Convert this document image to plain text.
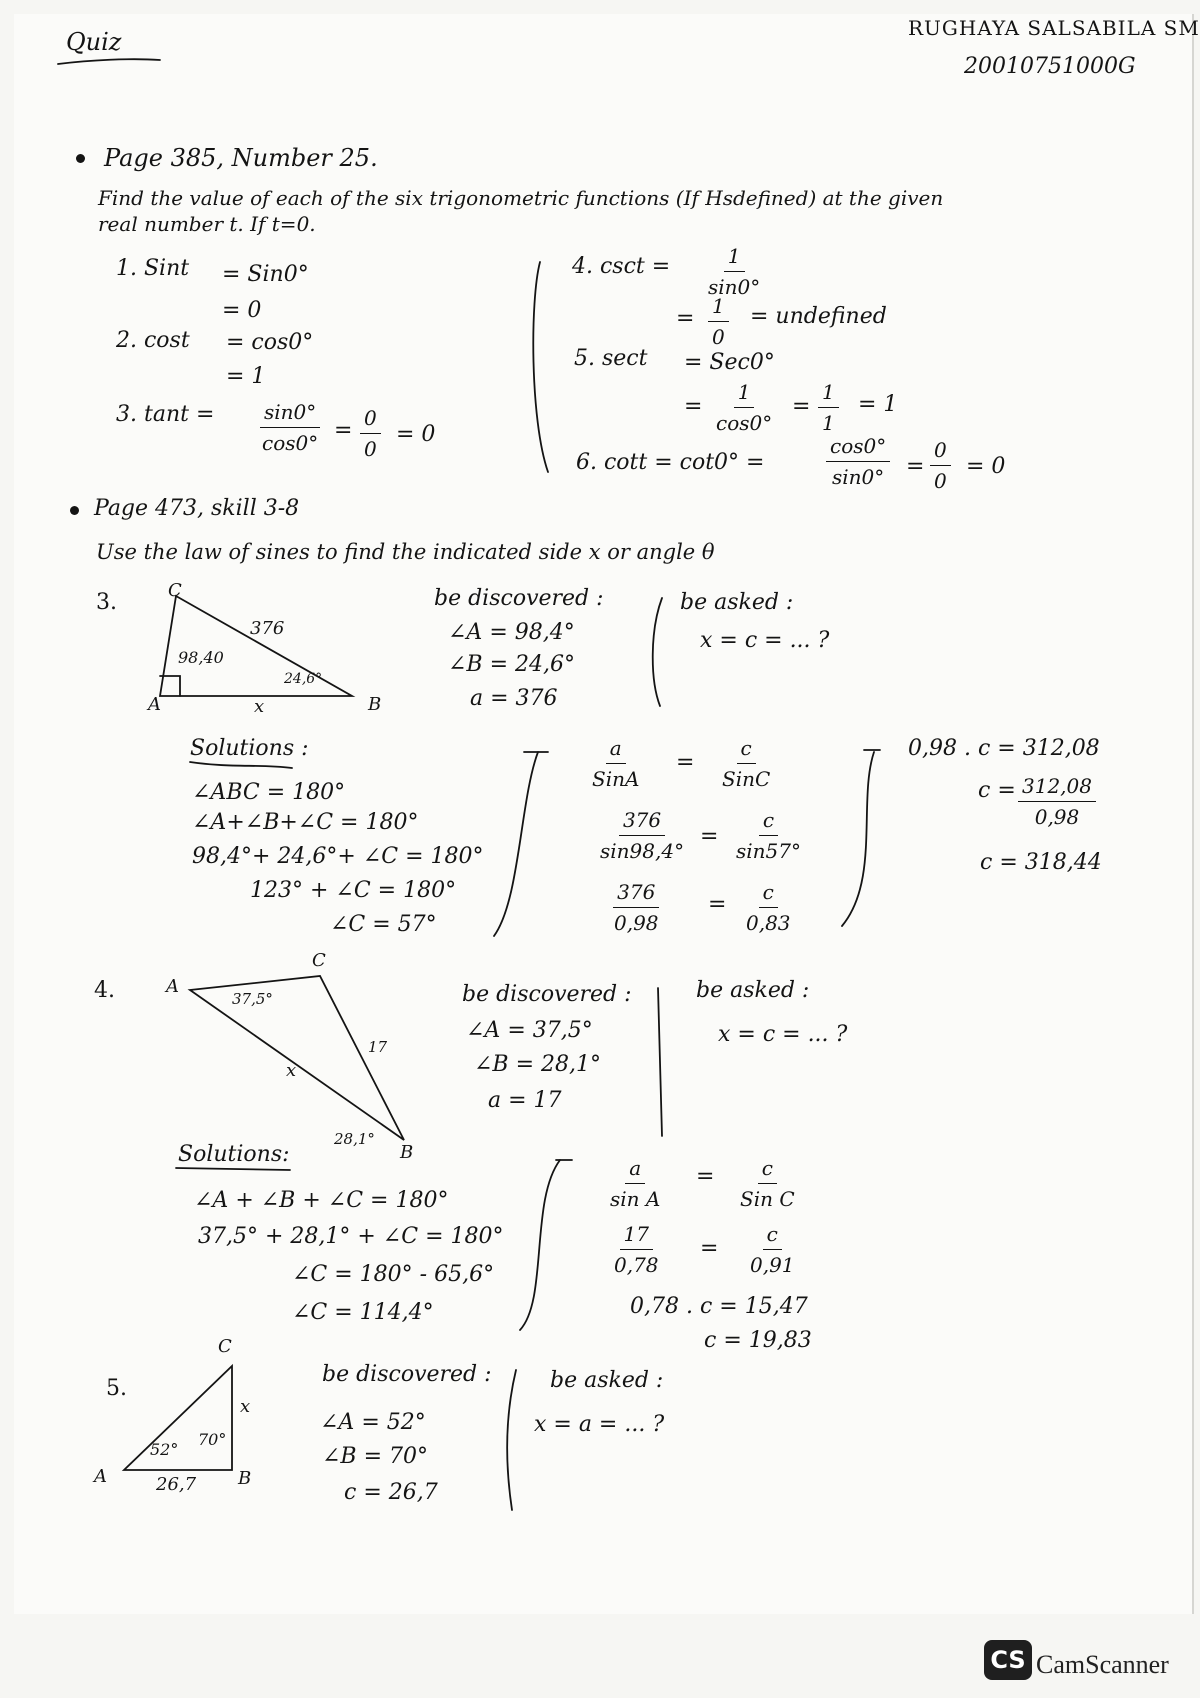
Quiz	RUGHAYA SALSABILA SM
20010751000G
Page 385, Number 25.
Find the value of each of the six trigonometric functions (If Hsdefined) at the given
real number t. If t=0.
1. Sint = Sin0°
= 0
2. cost = cos0°
= 1
3. $\tan t = \frac{\sin 0^\circ}{\cos 0^\circ} = \frac{0}{0} = 0$
4. $\csc t = \frac{1}{\sin 0^\circ}$
= $\frac{1}{0}$ = undefined
5. sect = Sec0°
= $\frac{1}{\cos 0^\circ} = \frac{1}{1} = 1$
6. cott = cot0° =	$\frac{\cos 0^\circ}{\sin 0^\circ} = \frac{0}{0} = 0$
Page 473, skill 3-8
Use the law of sines to find the indicated side x or angle θ
3.	C
A	B
376
98,40
24,6°
x
be discovered :
∠A = 98,4°
∠B = 24,6°
a = 376
be asked :
x = c = ... ?
Solutions :
∠ABC = 180°
∠A+∠B+∠C = 180°
98,4°+ 24,6°+ ∠C = 180°
123° + ∠C = 180°
∠C = 57°
a
SinA
=
c
SinC
$\frac{376}{\sin 98,4^\circ} = \frac{c}{\sin 57^\circ}$
$\frac{376}{0,98} = \frac{c}{0,83}$
0,98 . c = 312,08
$c = \frac{312,08}{0,98}$
c = 318,44
4.	A
C
B
37,5°
17
x
28,1°
be discovered :
∠A = 37,5°
∠B = 28,1°
a = 17
be asked :
x = c = ... ?
Solutions:
∠A + ∠B + ∠C = 180°
37,5° + 28,1° + ∠C = 180°
∠C = 180° - 65,6°
∠C = 114,4°
$\frac{a}{\text{sin A}} = c$
Sin C
$\frac{17}{0,78} = \frac{c}{0,91}$
0,78 . c = 15,47
c = 19,83
5.
C
A	B
x
52°
70°
26,7
be discovered :
∠A = 52°
∠B = 70°
c = 26,7
be asked :
x = a = ... ?
CS CamScanner
